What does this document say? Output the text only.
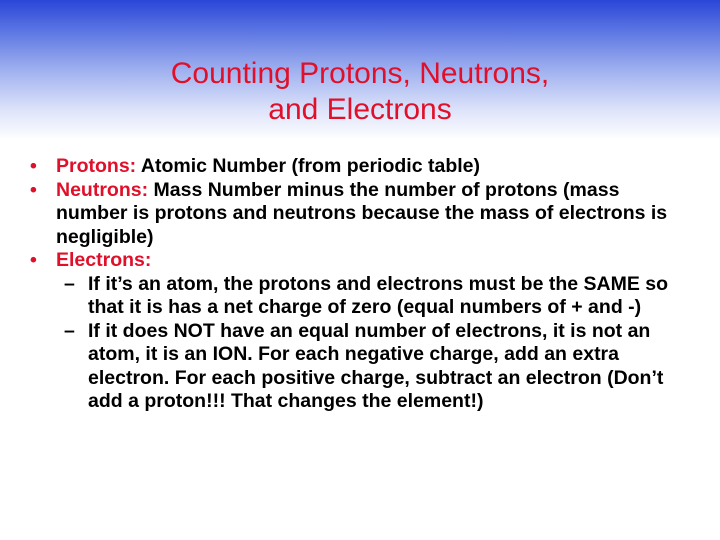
Counting Protons, Neutrons,
and Electrons

• Protons: Atomic Number (from periodic table)

• Neutrons: Mass Number minus the number of protons (mass number is protons and neutrons because the mass of electrons is negligible)

• Electrons:

– If it’s an atom, the protons and electrons must be the SAME so that it is has a net charge of zero (equal numbers of + and -)

– If it does NOT have an equal number of electrons, it is not an atom, it is an ION. For each negative charge, add an extra electron. For each positive charge, subtract an electron (Don’t add a proton!!! That changes the element!)
